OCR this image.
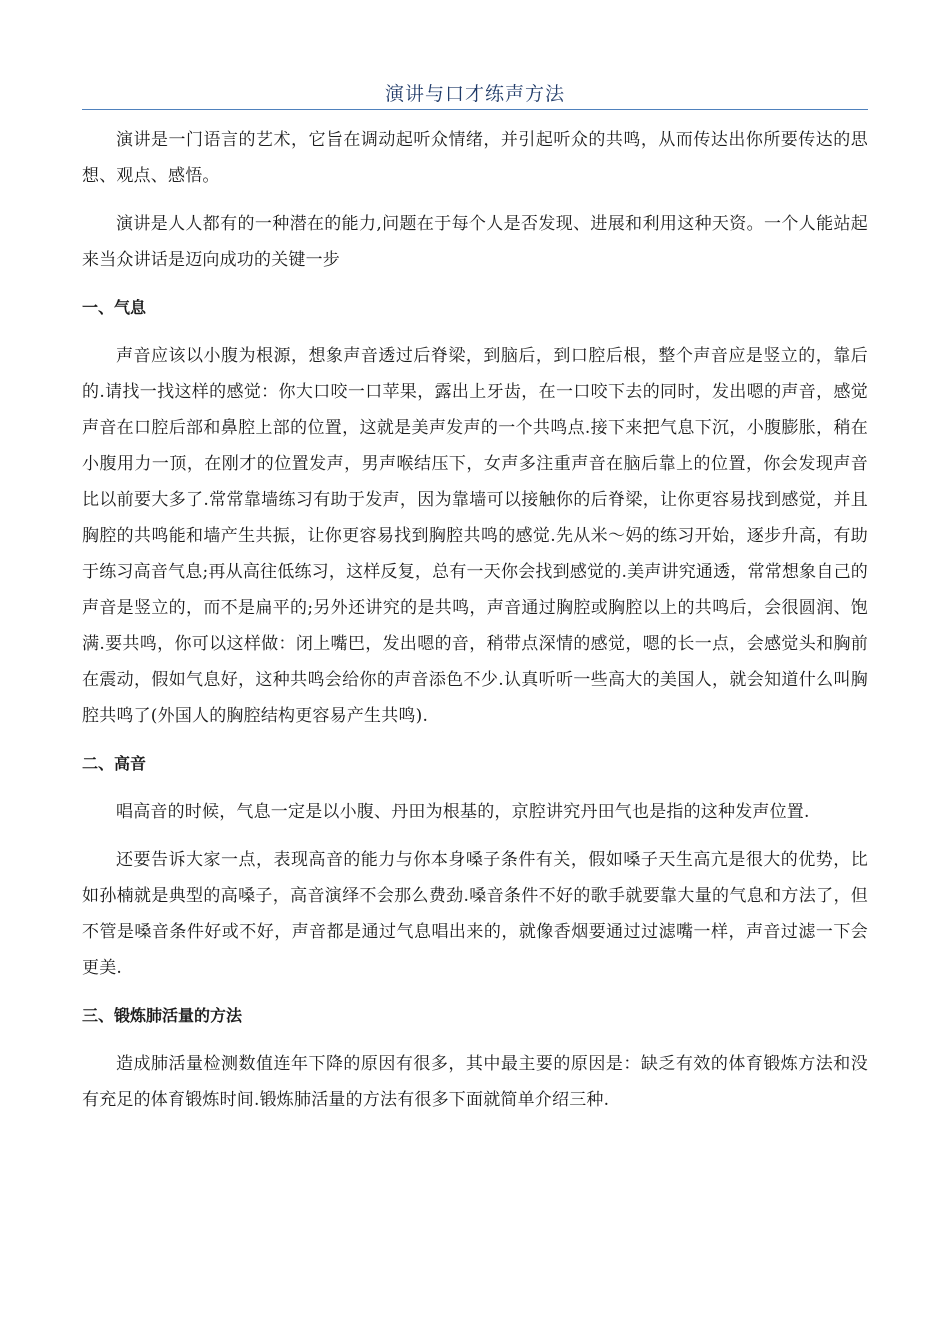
演讲与口才练声方法

演讲是一门语言的艺术，它旨在调动起听众情绪，并引起听众的共鸣，从而传达出你所要传达的思想、观点、感悟。

演讲是人人都有的一种潜在的能力,问题在于每个人是否发现、进展和利用这种天资。一个人能站起来当众讲话是迈向成功的关键一步

一、气息

声音应该以小腹为根源，想象声音透过后脊梁，到脑后，到口腔后根，整个声音应是竖立的，靠后的.请找一找这样的感觉：你大口咬一口苹果，露出上牙齿，在一口咬下去的同时，发出嗯的声音，感觉声音在口腔后部和鼻腔上部的位置，这就是美声发声的一个共鸣点.接下来把气息下沉，小腹膨胀，稍在小腹用力一顶，在刚才的位置发声，男声喉结压下，女声多注重声音在脑后靠上的位置，你会发现声音比以前要大多了.常常靠墙练习有助于发声，因为靠墙可以接触你的后脊梁，让你更容易找到感觉，并且胸腔的共鸣能和墙产生共振，让你更容易找到胸腔共鸣的感觉.先从米～妈的练习开始，逐步升高，有助于练习高音气息;再从高往低练习，这样反复，总有一天你会找到感觉的.美声讲究通透，常常想象自己的声音是竖立的，而不是扁平的;另外还讲究的是共鸣，声音通过胸腔或胸腔以上的共鸣后，会很圆润、饱满.要共鸣，你可以这样做：闭上嘴巴，发出嗯的音，稍带点深情的感觉，嗯的长一点，会感觉头和胸前在震动，假如气息好，这种共鸣会给你的声音添色不少.认真听听一些高大的美国人，就会知道什么叫胸腔共鸣了(外国人的胸腔结构更容易产生共鸣).

二、高音

唱高音的时候，气息一定是以小腹、丹田为根基的，京腔讲究丹田气也是指的这种发声位置.

还要告诉大家一点，表现高音的能力与你本身嗓子条件有关，假如嗓子天生高亢是很大的优势，比如孙楠就是典型的高嗓子，高音演绎不会那么费劲.嗓音条件不好的歌手就要靠大量的气息和方法了，但不管是嗓音条件好或不好，声音都是通过气息唱出来的，就像香烟要通过过滤嘴一样，声音过滤一下会更美.

三、锻炼肺活量的方法

造成肺活量检测数值连年下降的原因有很多，其中最主要的原因是：缺乏有效的体育锻炼方法和没有充足的体育锻炼时间.锻炼肺活量的方法有很多下面就简单介绍三种.
